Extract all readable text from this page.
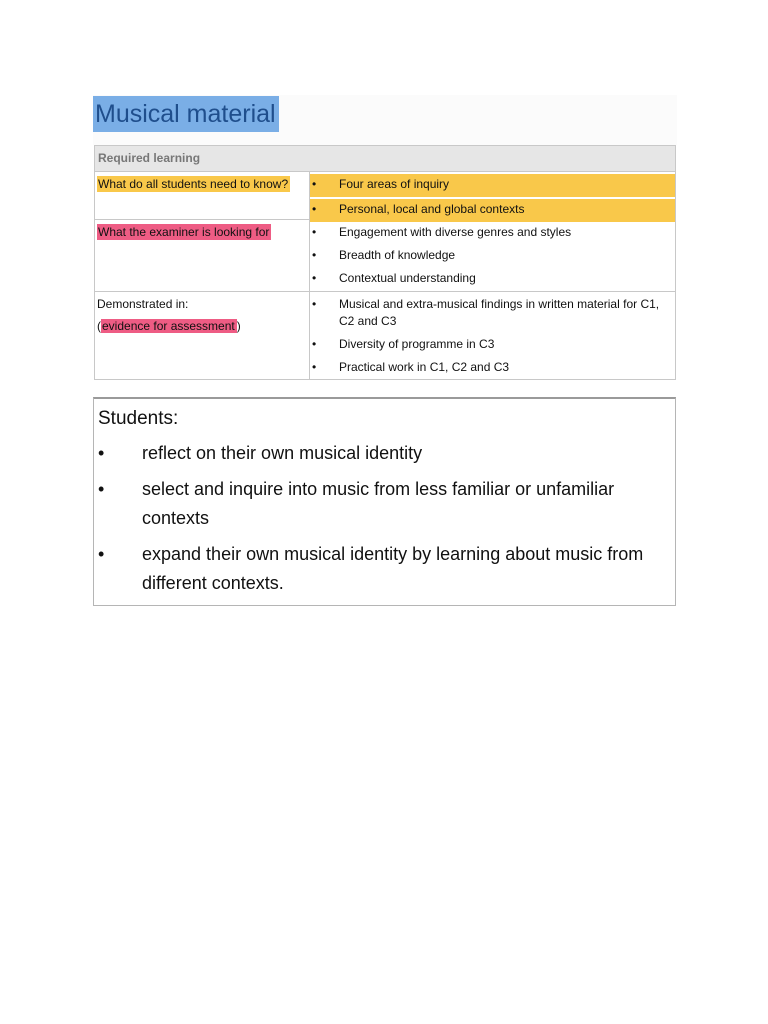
Musical material
Required learning
What do all students need to know? • Four areas of inquiry
• Personal, local and global contexts
What the examiner is looking for	• Engagement with diverse genres and styles
• Breadth of knowledge
• Contextual understanding
Demonstrated in:
(evidence for assessment )
• Musical and extra-musical findings in written material for C1, C2 and C3
• Diversity of programme in C3
• Practical work in C1, C2 and C3
Students:
• reflect on their own musical identity
• select and inquire into music from less familiar or unfamiliar contexts
• expand their own musical identity by learning about music from different contexts.
